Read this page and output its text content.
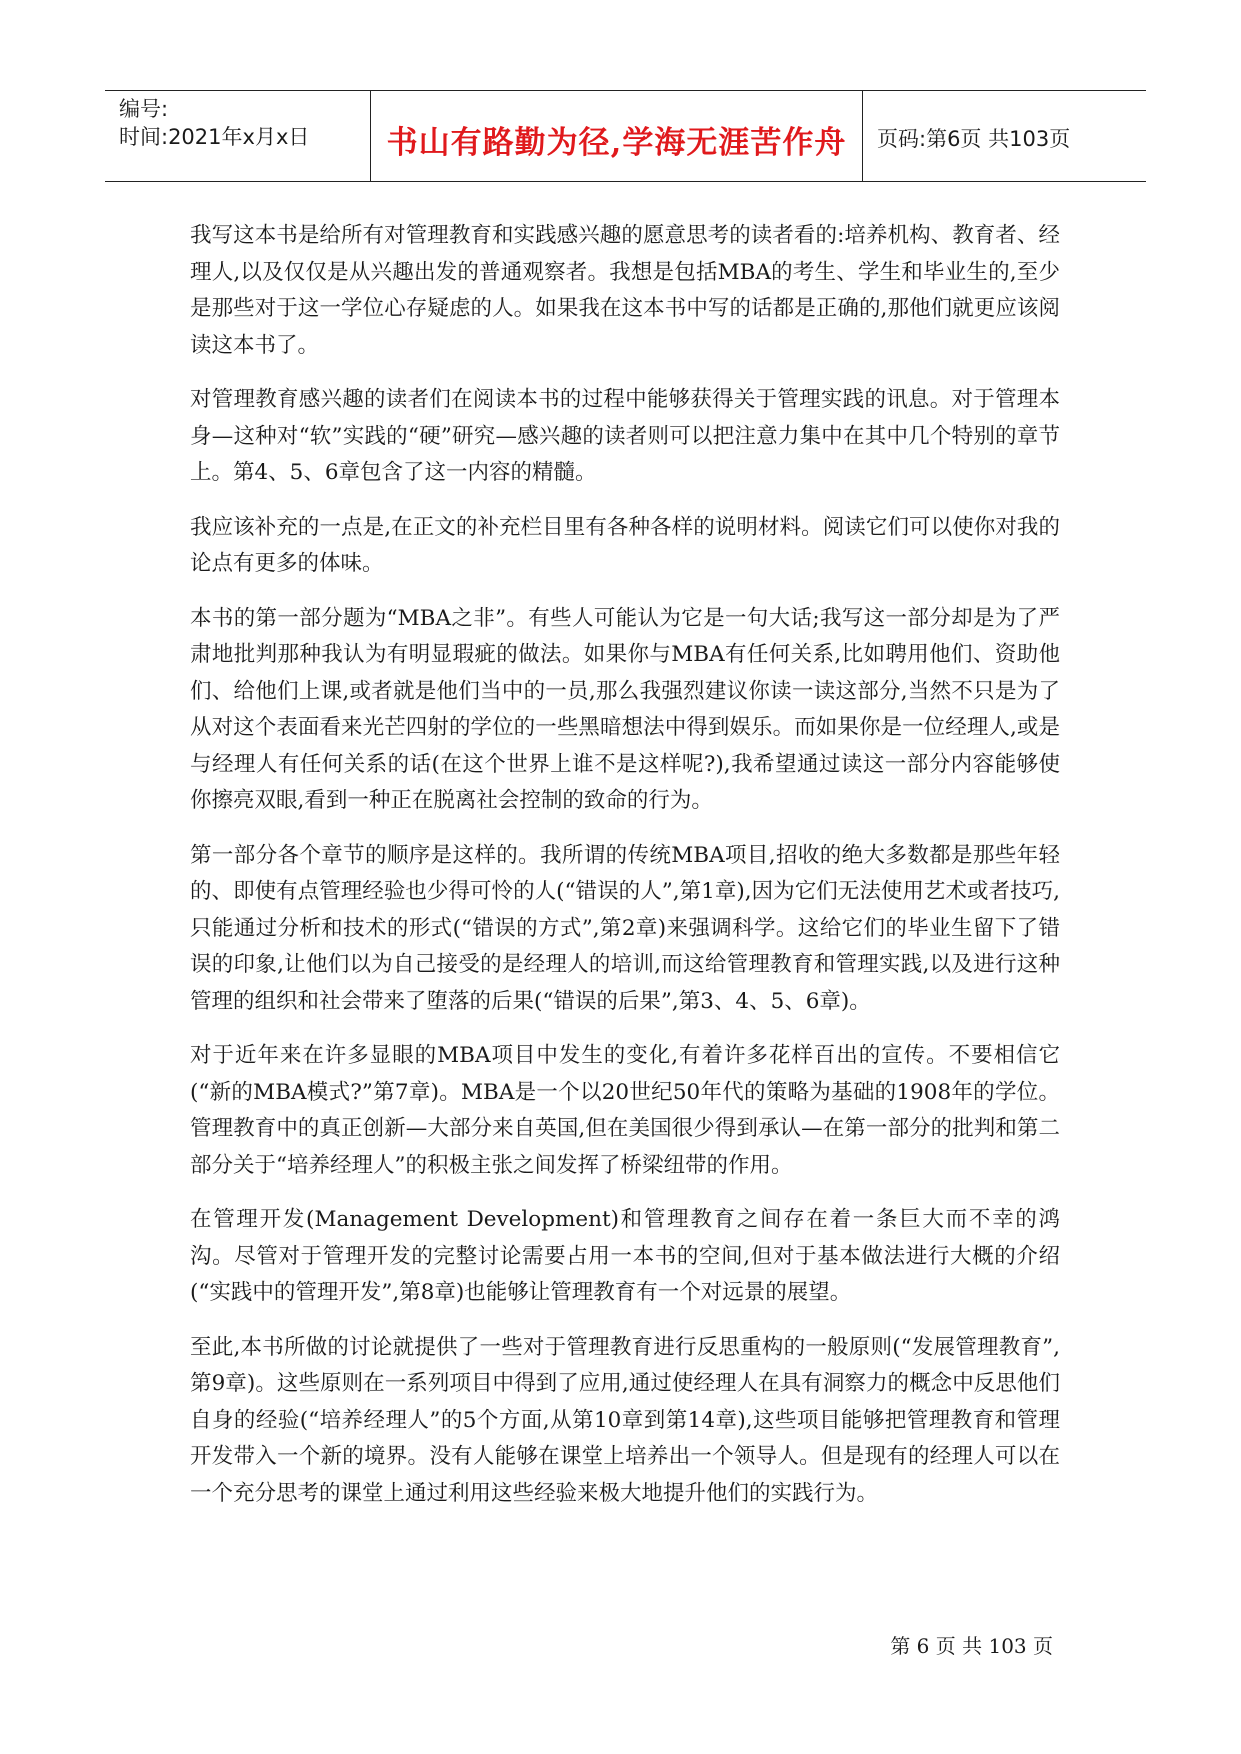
编号:
时间:2021年x月x日	书山有路勤为径,学海无涯苦作舟	页码:第6页 共103页

我写这本书是给所有对管理教育和实践感兴趣的愿意思考的读者看的:培养机构、教育者、经理人,以及仅仅是从兴趣出发的普通观察者。我想是包括MBA的考生、学生和毕业生的,至少是那些对于这一学位心存疑虑的人。如果我在这本书中写的话都是正确的,那他们就更应该阅读这本书了。

对管理教育感兴趣的读者们在阅读本书的过程中能够获得关于管理实践的讯息。对于管理本身—这种对“软”实践的“硬”研究—感兴趣的读者则可以把注意力集中在其中几个特别的章节上。第4、5、6章包含了这一内容的精髓。

我应该补充的一点是,在正文的补充栏目里有各种各样的说明材料。阅读它们可以使你对我的论点有更多的体味。

本书的第一部分题为“MBA之非”。有些人可能认为它是一句大话;我写这一部分却是为了严肃地批判那种我认为有明显瑕疵的做法。如果你与MBA有任何关系,比如聘用他们、资助他们、给他们上课,或者就是他们当中的一员,那么我强烈建议你读一读这部分,当然不只是为了从对这个表面看来光芒四射的学位的一些黑暗想法中得到娱乐。而如果你是一位经理人,或是与经理人有任何关系的话(在这个世界上谁不是这样呢?),我希望通过读这一部分内容能够使你擦亮双眼,看到一种正在脱离社会控制的致命的行为。

第一部分各个章节的顺序是这样的。我所谓的传统MBA项目,招收的绝大多数都是那些年轻的、即使有点管理经验也少得可怜的人(“错误的人”,第1章),因为它们无法使用艺术或者技巧,只能通过分析和技术的形式(“错误的方式”,第2章)来强调科学。这给它们的毕业生留下了错误的印象,让他们以为自己接受的是经理人的培训,而这给管理教育和管理实践,以及进行这种管理的组织和社会带来了堕落的后果(“错误的后果”,第3、4、5、6章)。

对于近年来在许多显眼的MBA项目中发生的变化,有着许多花样百出的宣传。不要相信它(“新的MBA模式?”第7章)。MBA是一个以20世纪50年代的策略为基础的1908年的学位。管理教育中的真正创新—大部分来自英国,但在美国很少得到承认—在第一部分的批判和第二部分关于“培养经理人”的积极主张之间发挥了桥梁纽带的作用。

在管理开发(Management Development)和管理教育之间存在着一条巨大而不幸的鸿沟。尽管对于管理开发的完整讨论需要占用一本书的空间,但对于基本做法进行大概的介绍(“实践中的管理开发”,第8章)也能够让管理教育有一个对远景的展望。

至此,本书所做的讨论就提供了一些对于管理教育进行反思重构的一般原则(“发展管理教育”,第9章)。这些原则在一系列项目中得到了应用,通过使经理人在具有洞察力的概念中反思他们自身的经验(“培养经理人”的5个方面,从第10章到第14章),这些项目能够把管理教育和管理开发带入一个新的境界。没有人能够在课堂上培养出一个领导人。但是现有的经理人可以在一个充分思考的课堂上通过利用这些经验来极大地提升他们的实践行为。

第 6 页 共 103 页
